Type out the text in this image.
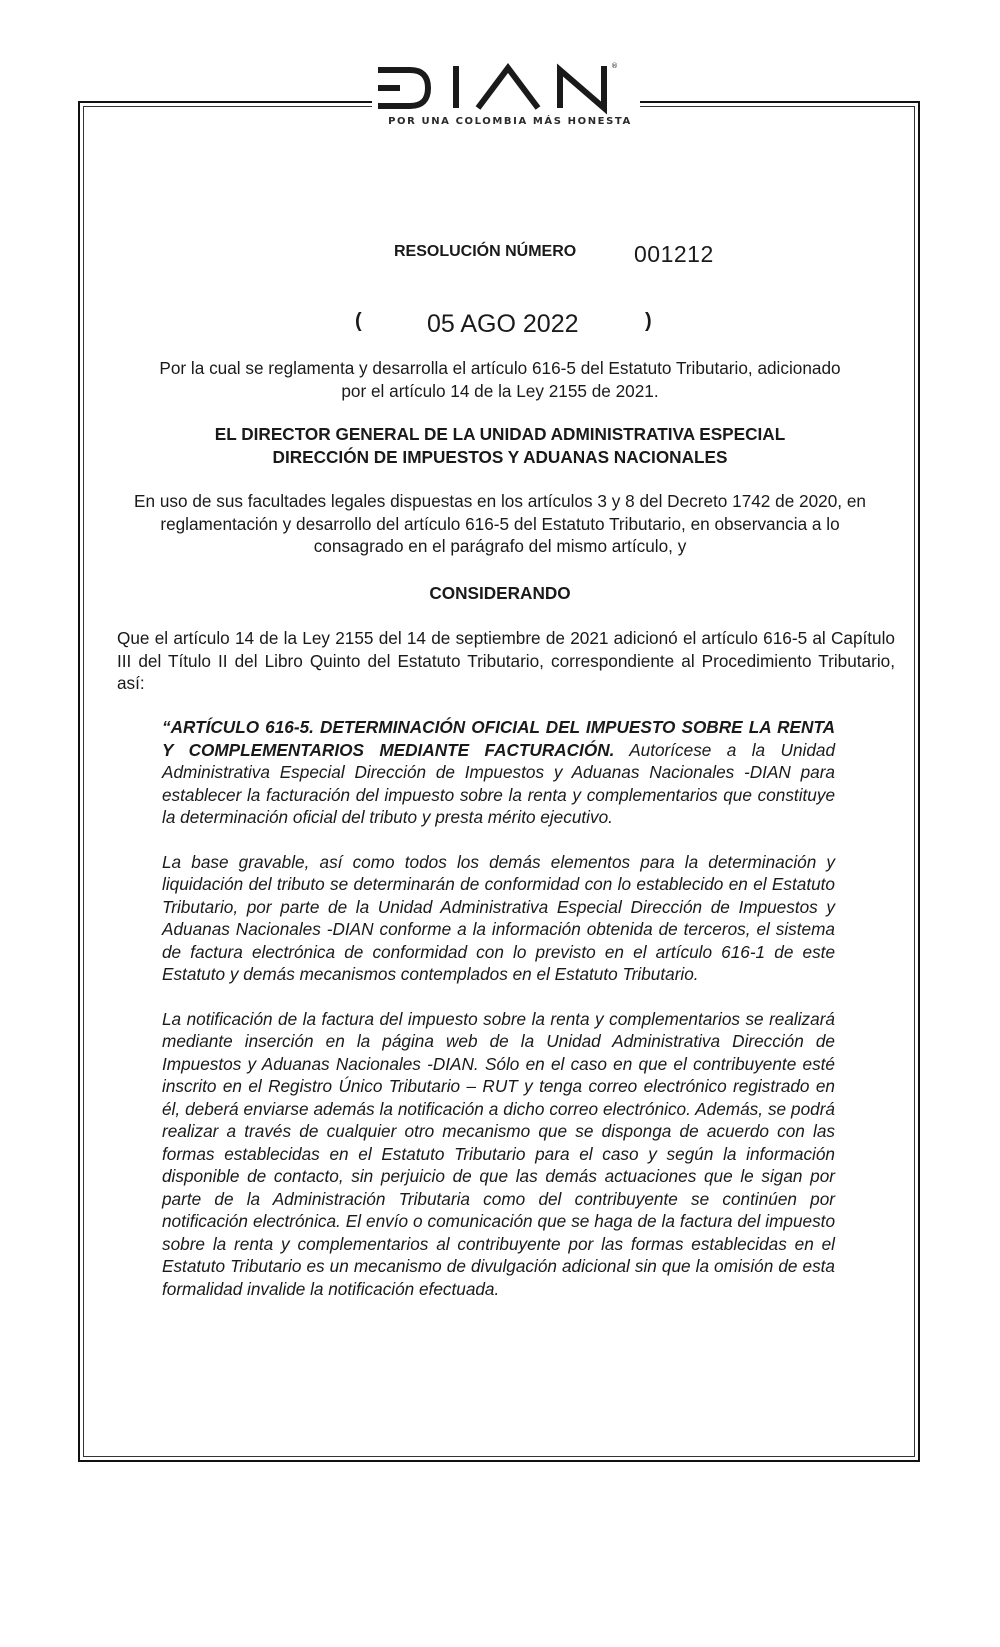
®
POR UNA COLOMBIA MÁS HONESTA
RESOLUCIÓN NÚMERO	001212
(	05 AGO 2022	)

Por la cual se reglamenta y desarrolla el artículo 616-5 del Estatuto Tributario, adicionado por el artículo 14 de la Ley 2155 de 2021.

EL DIRECTOR GENERAL DE LA UNIDAD ADMINISTRATIVA ESPECIAL

DIRECCIÓN DE IMPUESTOS Y ADUANAS NACIONALES

En uso de sus facultades legales dispuestas en los artículos 3 y 8 del Decreto 1742 de 2020, en reglamentación y desarrollo del artículo 616-5 del Estatuto Tributario, en observancia a lo consagrado en el parágrafo del mismo artículo, y

CONSIDERANDO

Que el artículo 14 de la Ley 2155 del 14 de septiembre de 2021 adicionó el artículo 616-5 al Capítulo III del Título II del Libro Quinto del Estatuto Tributario, correspondiente al Procedimiento Tributario, así:

“ARTÍCULO 616-5. DETERMINACIÓN OFICIAL DEL IMPUESTO SOBRE LA RENTA Y COMPLEMENTARIOS MEDIANTE FACTURACIÓN. Autorícese a la Unidad Administrativa Especial Dirección de Impuestos y Aduanas Nacionales -DIAN para establecer la facturación del impuesto sobre la renta y complementarios que constituye la determinación oficial del tributo y presta mérito ejecutivo.

La base gravable, así como todos los demás elementos para la determinación y liquidación del tributo se determinarán de conformidad con lo establecido en el Estatuto Tributario, por parte de la Unidad Administrativa Especial Dirección de Impuestos y Aduanas Nacionales -DIAN conforme a la información obtenida de terceros, el sistema de factura electrónica de conformidad con lo previsto en el artículo 616-1 de este Estatuto y demás mecanismos contemplados en el Estatuto Tributario.

La notificación de la factura del impuesto sobre la renta y complementarios se realizará mediante inserción en la página web de la Unidad Administrativa Dirección de Impuestos y Aduanas Nacionales -DIAN. Sólo en el caso en que el contribuyente esté inscrito en el Registro Único Tributario – RUT y tenga correo electrónico registrado en él, deberá enviarse además la notificación a dicho correo electrónico. Además, se podrá realizar a través de cualquier otro mecanismo que se disponga de acuerdo con las formas establecidas en el Estatuto Tributario para el caso y según la información disponible de contacto, sin perjuicio de que las demás actuaciones que le sigan por parte de la Administración Tributaria como del contribuyente se continúen por notificación electrónica. El envío o comunicación que se haga de la factura del impuesto sobre la renta y complementarios al contribuyente por las formas establecidas en el Estatuto Tributario es un mecanismo de divulgación adicional sin que la omisión de esta formalidad invalide la notificación efectuada.
